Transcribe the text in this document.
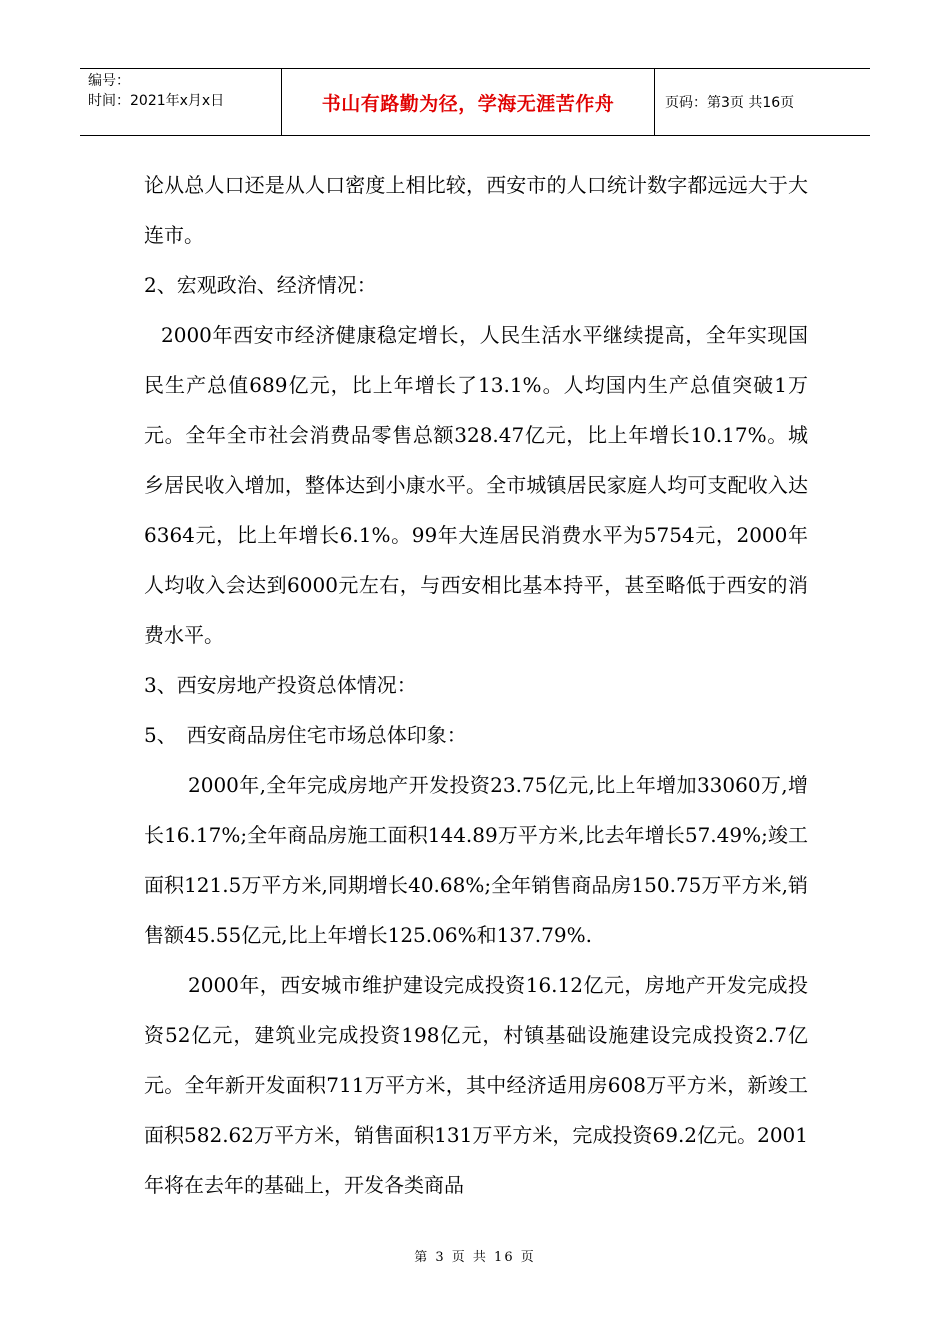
编号：
时间：2021年x月x日	书山有路勤为径，学海无涯苦作舟	页码：第3页 共16页

论从总人口还是从人口密度上相比较，西安市的人口统计数字都远远大于大连市。

2、宏观政治、经济情况：

2000年西安市经济健康稳定增长，人民生活水平继续提高，全年实现国民生产总值689亿元，比上年增长了13.1%。人均国内生产总值突破1万元。全年全市社会消费品零售总额328.47亿元，比上年增长10.17%。城乡居民收入增加，整体达到小康水平。全市城镇居民家庭人均可支配收入达6364元，比上年增长6.1%。99年大连居民消费水平为5754元，2000年人均收入会达到6000元左右，与西安相比基本持平，甚至略低于西安的消费水平。

3、西安房地产投资总体情况：

5、　西安商品房住宅市场总体印象：

2000年,全年完成房地产开发投资23.75亿元,比上年增加33060万,增长16.17%;全年商品房施工面积144.89万平方米,比去年增长57.49%;竣工面积121.5万平方米,同期增长40.68%;全年销售商品房150.75万平方米,销售额45.55亿元,比上年增长125.06%和137.79%.

2000年，西安城市维护建设完成投资16.12亿元，房地产开发完成投资52亿元，建筑业完成投资198亿元，村镇基础设施建设完成投资2.7亿元。全年新开发面积711万平方米，其中经济适用房608万平方米，新竣工面积582.62万平方米，销售面积131万平方米，完成投资69.2亿元。2001年将在去年的基础上，开发各类商品

第 3 页 共 16 页
